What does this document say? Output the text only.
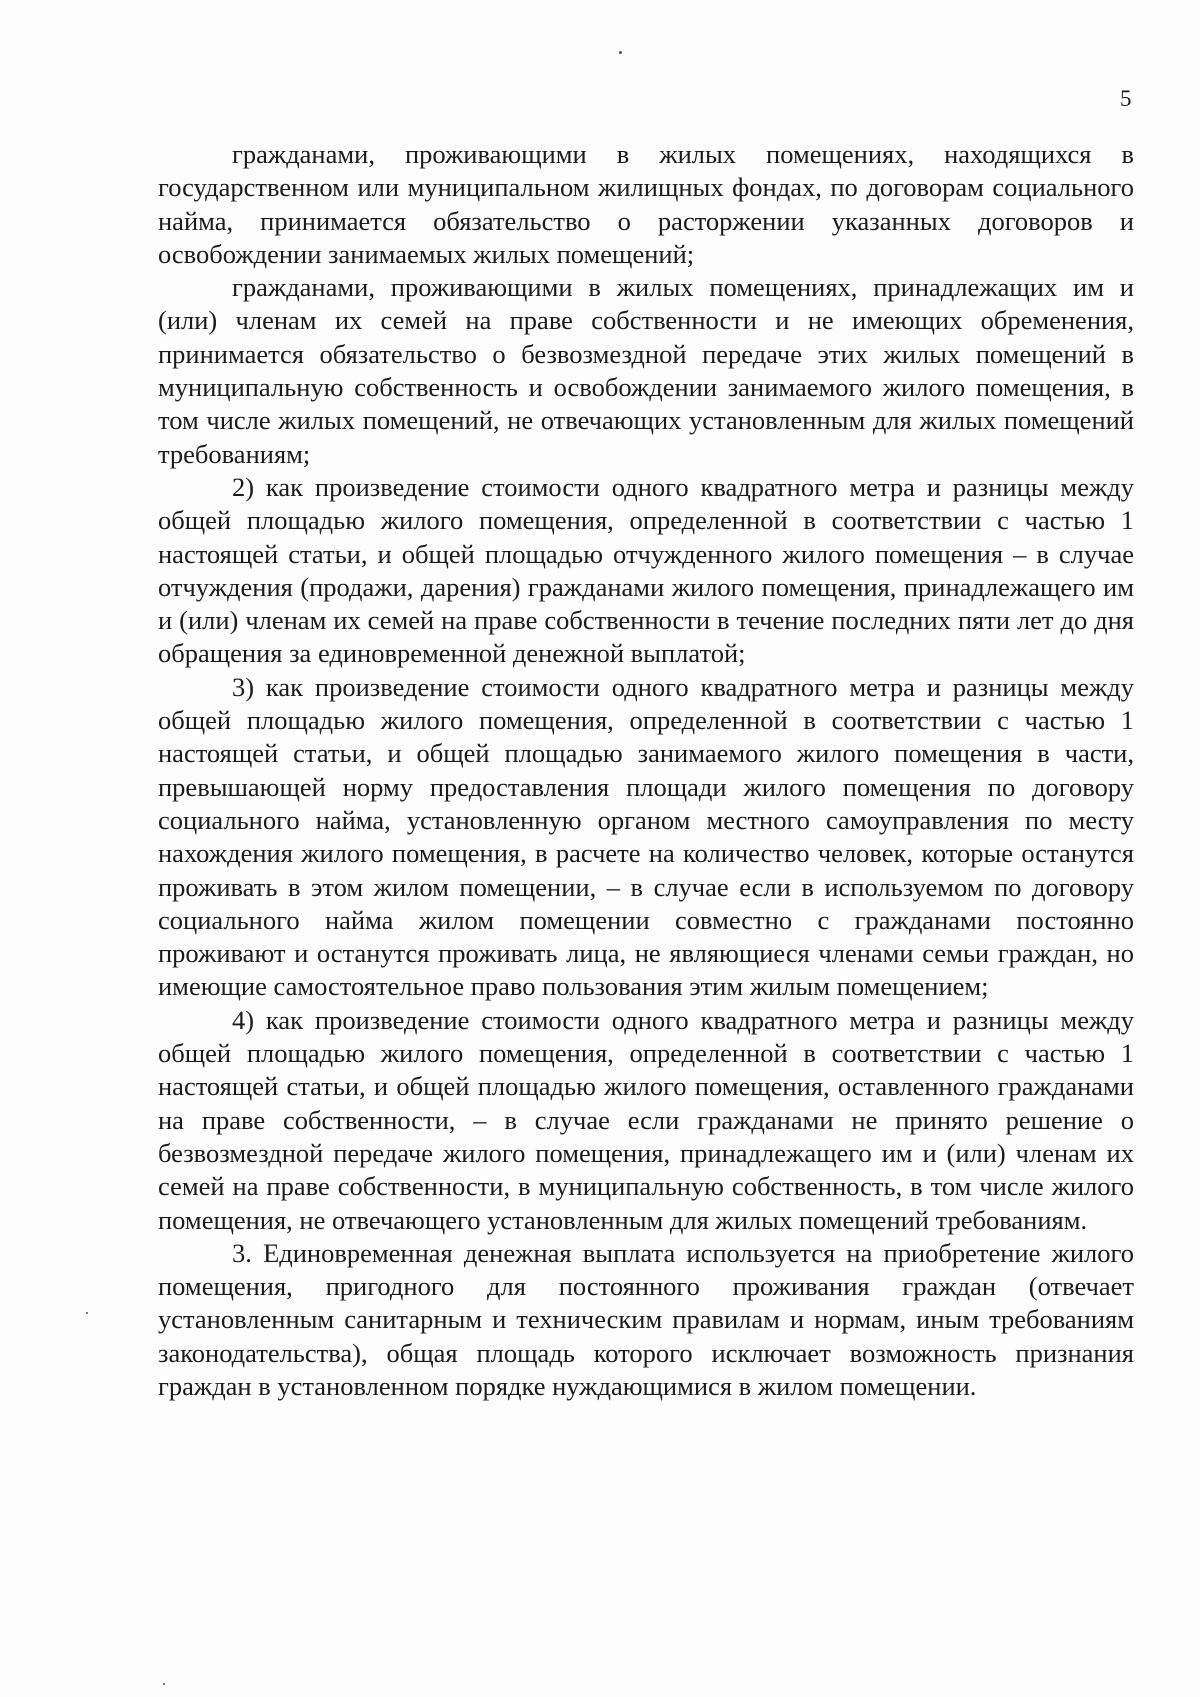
5

гражданами, проживающими в жилых помещениях, находящихся в государственном или муниципальном жилищных фондах, по договорам социального найма, принимается обязательство о расторжении указанных договоров и освобождении занимаемых жилых помещений;

гражданами, проживающими в жилых помещениях, принадлежащих им и (или) членам их семей на праве собственности и не имеющих обременения, принимается обязательство о безвозмездной передаче этих жилых помещений в муниципальную собственность и освобождении занимаемого жилого помещения, в том числе жилых помещений, не отвечающих установленным для жилых помещений требованиям;

2) как произведение стоимости одного квадратного метра и разницы между общей площадью жилого помещения, определенной в соответствии с частью 1 настоящей статьи, и общей площадью отчужденного жилого помещения – в случае отчуждения (продажи, дарения) гражданами жилого помещения, принадлежащего им и (или) членам их семей на праве собственности в течение последних пяти лет до дня обращения за единовременной денежной выплатой;

3) как произведение стоимости одного квадратного метра и разницы между общей площадью жилого помещения, определенной в соответствии с частью 1 настоящей статьи, и общей площадью занимаемого жилого помещения в части, превышающей норму предоставления площади жилого помещения по договору социального найма, установленную органом местного самоуправления по месту нахождения жилого помещения, в расчете на количество человек, которые останутся проживать в этом жилом помещении, – в случае если в используемом по договору социального найма жилом помещении совместно с гражданами постоянно проживают и останутся проживать лица, не являющиеся членами семьи граждан, но имеющие самостоятельное право пользования этим жилым помещением;

4) как произведение стоимости одного квадратного метра и разницы между общей площадью жилого помещения, определенной в соответствии с частью 1 настоящей статьи, и общей площадью жилого помещения, оставленного гражданами на праве собственности, – в случае если гражданами не принято решение о безвозмездной передаче жилого помещения, принадлежащего им и (или) членам их семей на праве собственности, в муниципальную собственность, в том числе жилого помещения, не отвечающего установленным для жилых помещений требованиям.

3. Единовременная денежная выплата используется на приобретение жилого помещения, пригодного для постоянного проживания граждан (отвечает установленным санитарным и техническим правилам и нормам, иным требованиям законодательства), общая площадь которого исключает возможность признания граждан в установленном порядке нуждающимися в жилом помещении.
